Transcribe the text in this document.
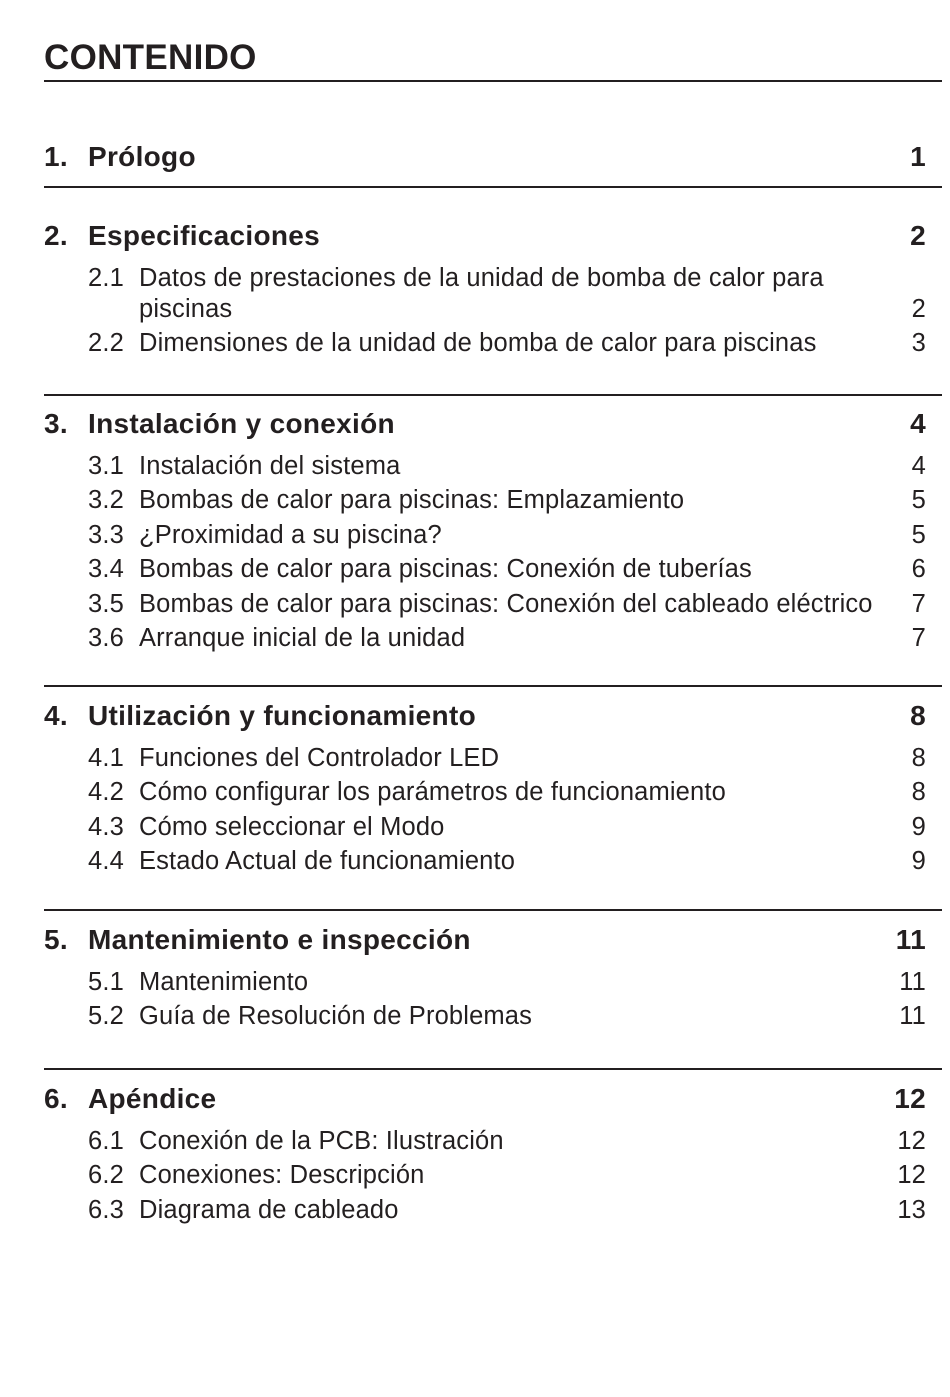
CONTENIDO
1. Prólogo	1
2. Especificaciones	2
2.1 Datos de prestaciones de la unidad de bomba de calor para piscinas	2
2.2 Dimensiones de la unidad de bomba de calor para piscinas	3
3. Instalación y conexión	4
3.1 Instalación del sistema	4
3.2 Bombas de calor para piscinas: Emplazamiento	5
3.3 ¿Proximidad a su piscina?	5
3.4 Bombas de calor para piscinas: Conexión de tuberías	6
3.5 Bombas de calor para piscinas: Conexión del cableado eléctrico	7
3.6 Arranque inicial de la unidad	7
4. Utilización y funcionamiento	8
4.1 Funciones del Controlador LED	8
4.2 Cómo configurar los parámetros de funcionamiento	8
4.3 Cómo seleccionar el Modo	9
4.4 Estado Actual de funcionamiento	9
5. Mantenimiento e inspección	11
5.1 Mantenimiento	11
5.2 Guía de Resolución de Problemas	11
6. Apéndice	12
6.1 Conexión de la PCB: Ilustración	12
6.2 Conexiones: Descripción	12
6.3 Diagrama de cableado	13
